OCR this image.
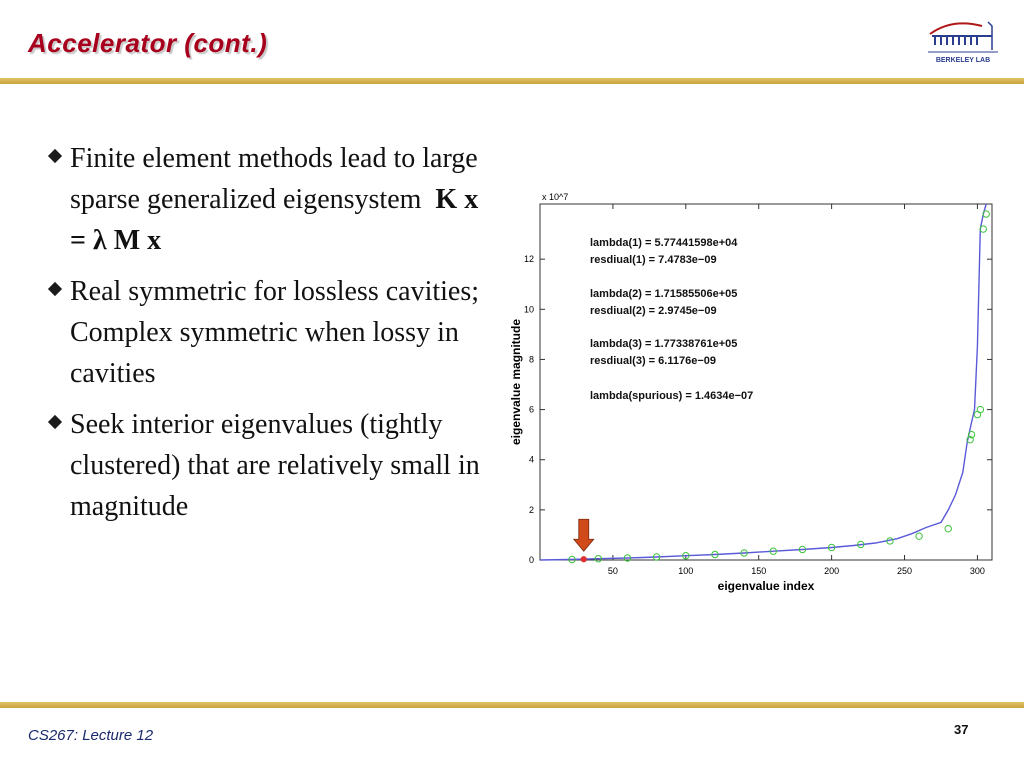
Accelerator (cont.)
BERKELEY LAB
Finite element methods lead to large sparse generalized eigensystem K x = λ M x
Real symmetric for lossless cavities; Complex symmetric when lossy in cavities
Seek interior eigenvalues (tightly clustered) that are relatively small in magnitude
50	100	150	200	250	300
0
2
4
6
8
10
12
lambda(1) = 5.77441598e+04
resdiual(1) = 7.4783e−09
lambda(2) = 1.71585506e+05
resdiual(2) = 2.9745e−09
lambda(3) = 1.77338761e+05
resdiual(3) = 6.1176e−09
lambda(spurious) = 1.4634e−07
eigenvalue index
eigenvalue magnitude
x 10^7
CS267: Lecture 12	37
